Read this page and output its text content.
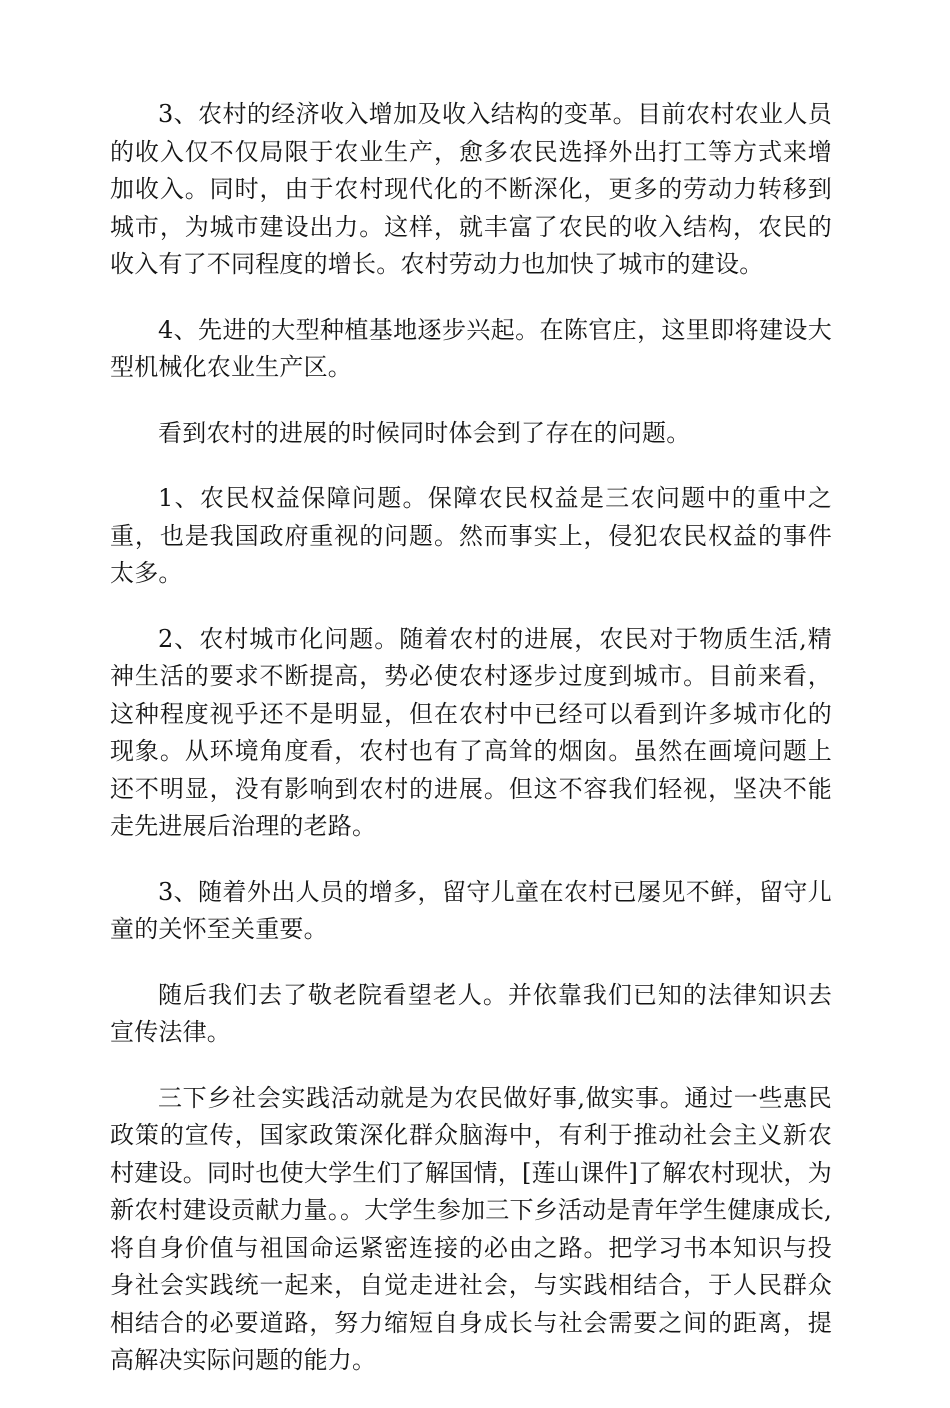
3、农村的经济收入增加及收入结构的变革。目前农村农业人员的收入仅不仅局限于农业生产，愈多农民选择外出打工等方式来增加收入。同时，由于农村现代化的不断深化，更多的劳动力转移到城市，为城市建设出力。这样，就丰富了农民的收入结构，农民的收入有了不同程度的增长。农村劳动力也加快了城市的建设。

4、先进的大型种植基地逐步兴起。在陈官庄，这里即将建设大型机械化农业生产区。

看到农村的进展的时候同时体会到了存在的问题。

1、农民权益保障问题。保障农民权益是三农问题中的重中之重，也是我国政府重视的问题。然而事实上，侵犯农民权益的事件太多。

2、农村城市化问题。随着农村的进展，农民对于物质生活,精神生活的要求不断提高，势必使农村逐步过度到城市。目前来看，这种程度视乎还不是明显，但在农村中已经可以看到许多城市化的现象。从环境角度看，农村也有了高耸的烟囱。虽然在画境问题上还不明显，没有影响到农村的进展。但这不容我们轻视，坚决不能走先进展后治理的老路。

3、随着外出人员的增多，留守儿童在农村已屡见不鲜，留守儿童的关怀至关重要。

随后我们去了敬老院看望老人。并依靠我们已知的法律知识去宣传法律。

三下乡社会实践活动就是为农民做好事,做实事。通过一些惠民政策的宣传，国家政策深化群众脑海中，有利于推动社会主义新农村建设。同时也使大学生们了解国情，[莲山课件]了解农村现状，为新农村建设贡献力量。。大学生参加三下乡活动是青年学生健康成长,将自身价值与祖国命运紧密连接的必由之路。把学习书本知识与投身社会实践统一起来，自觉走进社会，与实践相结合，于人民群众相结合的必要道路，努力缩短自身成长与社会需要之间的距离，提高解决实际问题的能力。
